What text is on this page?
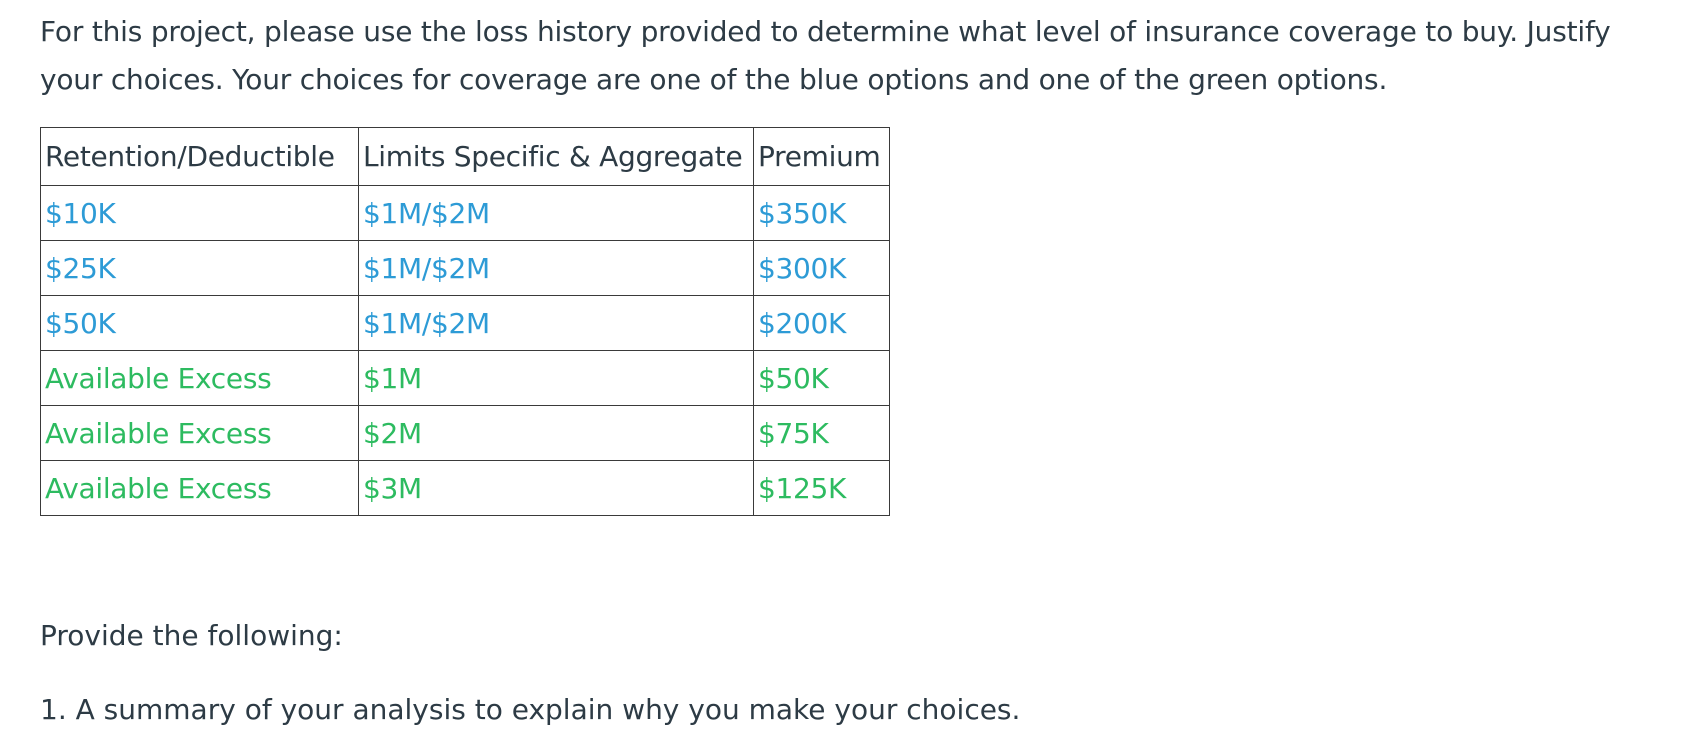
For this project, please use the loss history provided to determine what level of insurance coverage to buy. Justify
your choices. Your choices for coverage are one of the blue options and one of the green options.

Retention/Deductible	Limits Specific & Aggregate	Premium
$10K	$1M/$2M	$350K
$25K	$1M/$2M	$300K
$50K	$1M/$2M	$200K
Available Excess	$1M	$50K
Available Excess	$2M	$75K
Available Excess	$3M	$125K

Provide the following:

1. A summary of your analysis to explain why you make your choices.
